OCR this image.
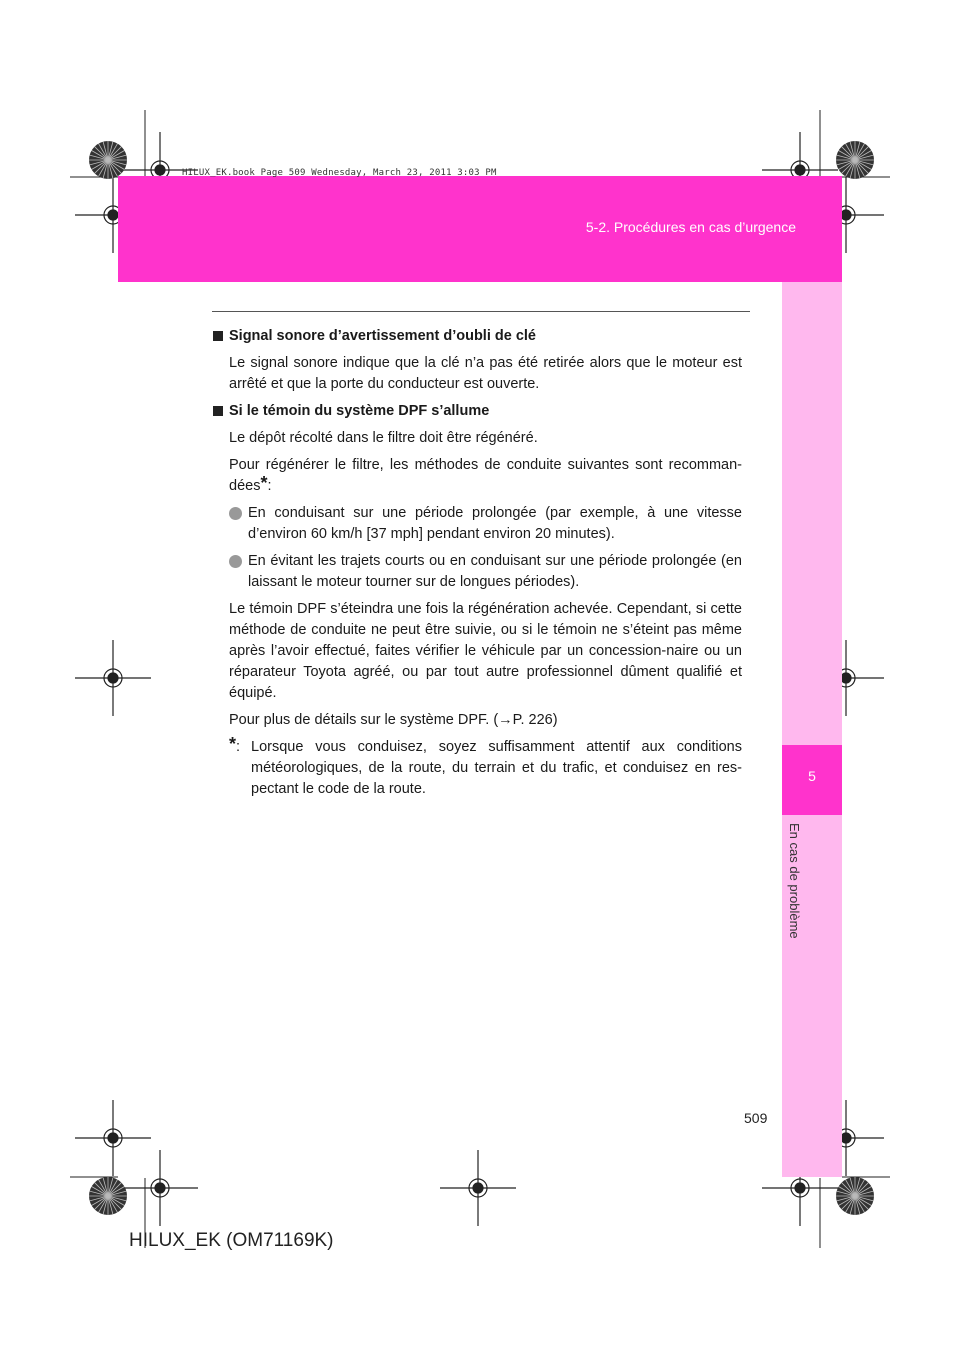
HILUX_EK.book Page 509 Wednesday, March 23, 2011 3:03 PM
5-2. Procédures en cas d’urgence
5
En cas de problème

Signal sonore d’avertissement d’oubli de clé

Le signal sonore indique que la clé n’a pas été retirée alors que le moteur est arrêté et que la porte du conducteur est ouverte.

Si le témoin du système DPF s’allume

Le dépôt récolté dans le filtre doit être régénéré.

Pour régénérer le filtre, les méthodes de conduite suivantes sont recomman-dées*:

En conduisant sur une période prolongée (par exemple, à une vitesse d’environ 60 km/h [37 mph] pendant environ 20 minutes).
En évitant les trajets courts ou en conduisant sur une période prolongée (en laissant le moteur tourner sur de longues périodes).

Le témoin DPF s’éteindra une fois la régénération achevée. Cependant, si cette méthode de conduite ne peut être suivie, ou si le témoin ne s’éteint pas même après l’avoir effectué, faites vérifier le véhicule par un concession-naire ou un réparateur Toyota agréé, ou par tout autre professionnel dûment qualifié et équipé.

Pour plus de détails sur le système DPF. (→P. 226)

*: Lorsque vous conduisez, soyez suffisamment attentif aux conditions météorologiques, de la route, du terrain et du trafic, et conduisez en res-pectant le code de la route.
509
HILUX_EK (OM71169K)
